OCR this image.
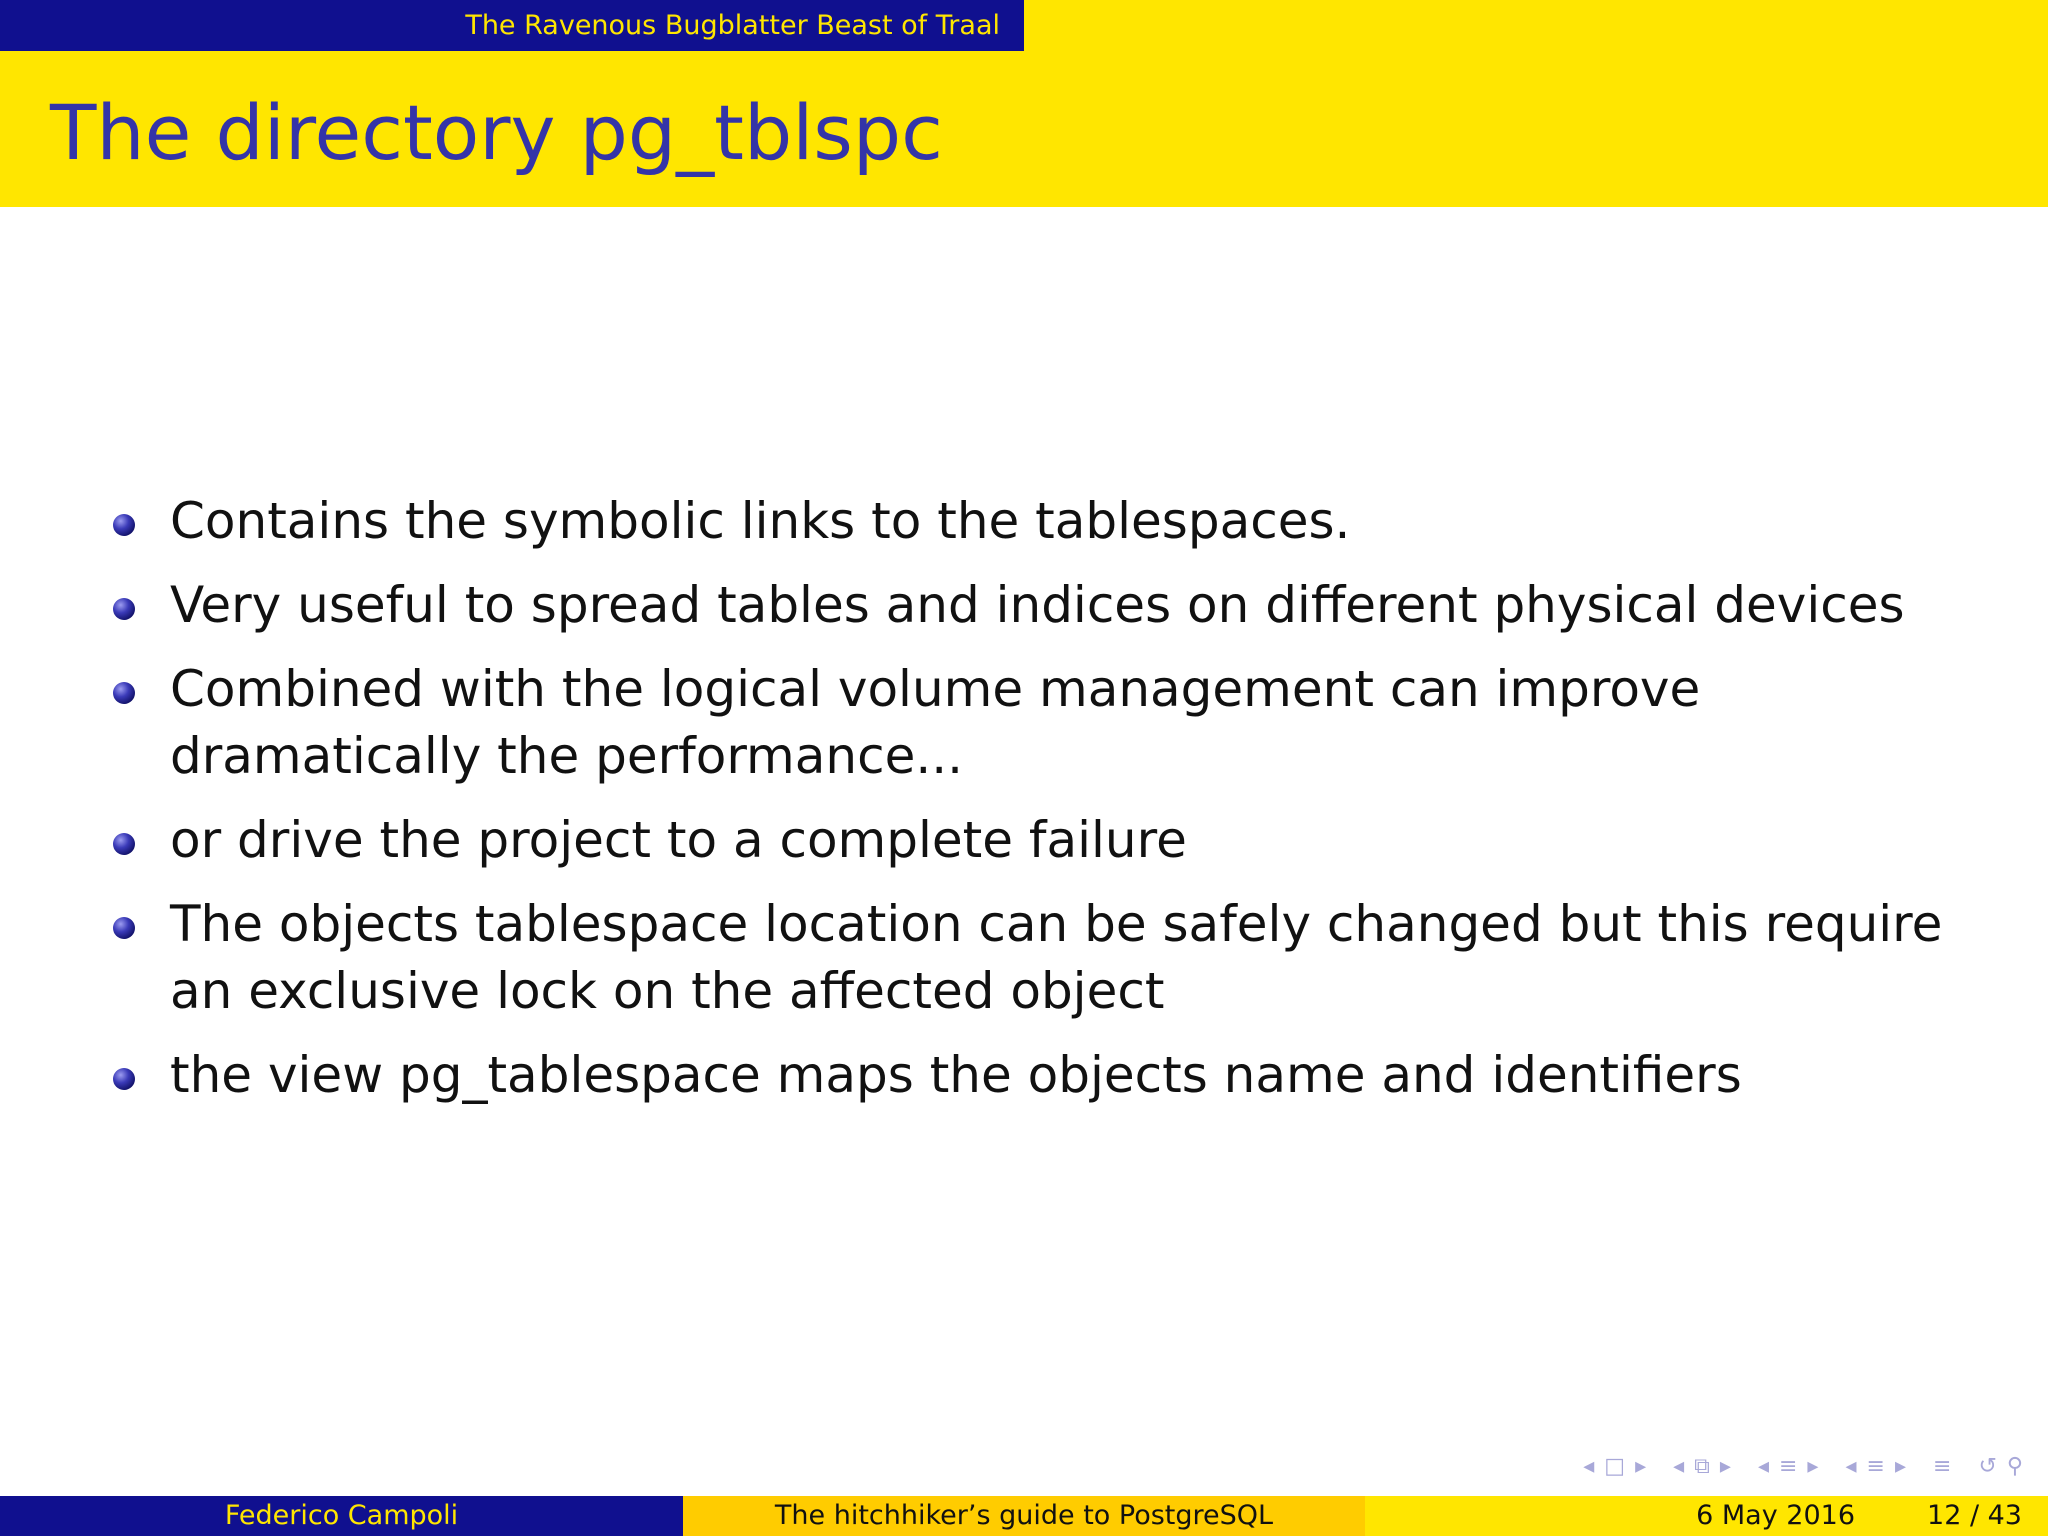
The Ravenous Bugblatter Beast of Traal
The directory pg_tblspc
Contains the symbolic links to the tablespaces.
Very useful to spread tables and indices on different physical devices
Combined with the logical volume management can improve dramatically the performance...
or drive the project to a complete failure
The objects tablespace location can be safely changed but this require an exclusive lock on the affected object
the view pg_tablespace maps the objects name and identifiers
◂ □ ▸ ◂ ⧉ ▸ ◂ ≡ ▸ ◂ ≡ ▸ ≡ ↺ ⚲
Federico Campoli	The hitchhiker’s guide to PostgreSQL	6 May 2016	12 / 43
